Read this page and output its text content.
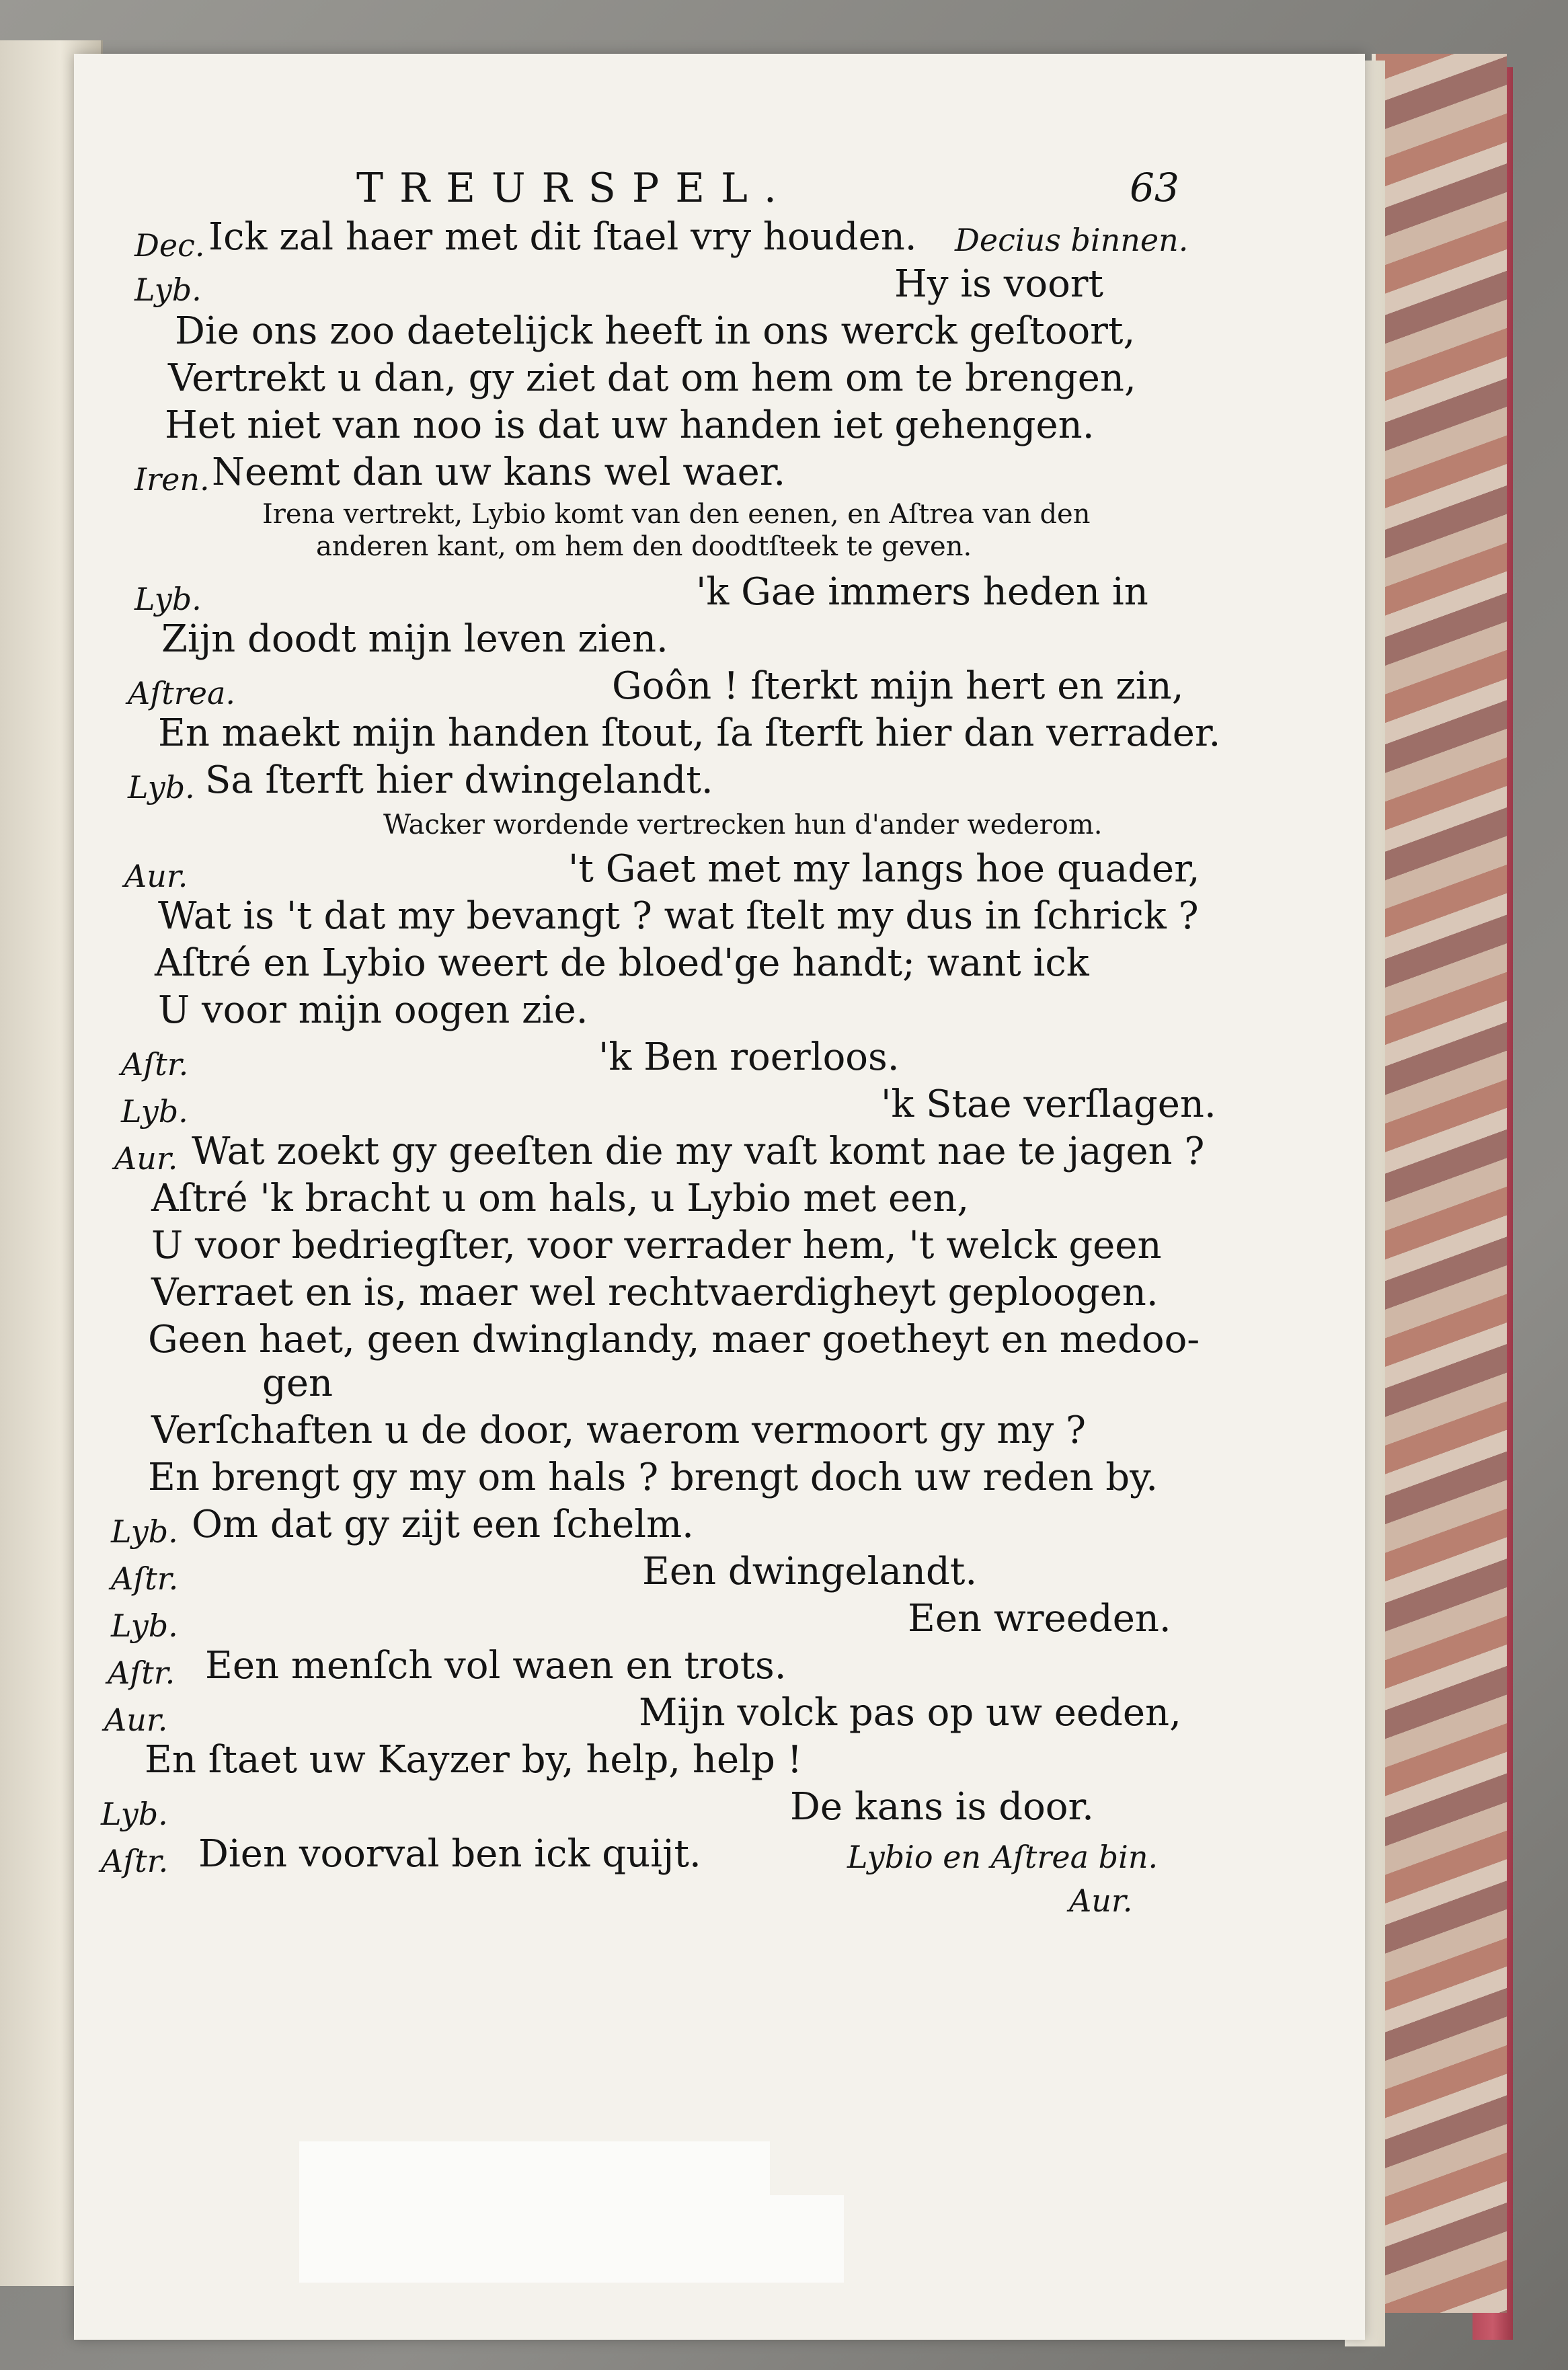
TREURSPEL.	63
Dec. Ick zal haer met dit ſtael vry houden. Decius binnen.
Lyb.	Hy is voort
Die ons zoo daetelijck heeft in ons werck geſtoort,
Vertrekt u dan, gy ziet dat om hem om te brengen,
Het niet van noo is dat uw handen iet gehengen.
Iren. Neemt dan uw kans wel waer.
Irena vertrekt, Lybio komt van den eenen, en Aſtrea van den
anderen kant, om hem den doodtſteek te geven.
Lyb.	'k Gae immers heden in
Zijn doodt mijn leven zien.
Aſtrea.	Goôn ! ſterkt mijn hert en zin,
En maekt mijn handen ſtout, ſa ſterft hier dan verrader.
Lyb. Sa ſterft hier dwingelandt.
Wacker wordende vertrecken hun d'ander wederom.
Aur.	't Gaet met my langs hoe quader,
Wat is 't dat my bevangt ? wat ſtelt my dus in ſchrick ?
Aſtré en Lybio weert de bloed'ge handt; want ick
U voor mijn oogen zie.
Aſtr.	'k Ben roerloos.
Lyb.	'k Stae verſlagen.
Aur. Wat zoekt gy geeſten die my vaſt komt nae te jagen ?
Aſtré 'k bracht u om hals, u Lybio met een,
U voor bedriegſter, voor verrader hem, 't welck geen
Verraet en is, maer wel rechtvaerdigheyt geploogen.
Geen haet, geen dwinglandy, maer goetheyt en medoo-
gen
Verſchaften u de door, waerom vermoort gy my ?
En brengt gy my om hals ? brengt doch uw reden by.
Lyb. Om dat gy zijt een ſchelm.
Aſtr.	Een dwingelandt.
Lyb.	Een wreeden.
Aſtr. Een menſch vol waen en trots.
Aur.	Mijn volck pas op uw eeden,
En ſtaet uw Kayzer by, help, help !
Lyb.	De kans is door.
Aſtr. Dien voorval ben ick quijt.	Lybio en Aſtrea bin.
Aur.
